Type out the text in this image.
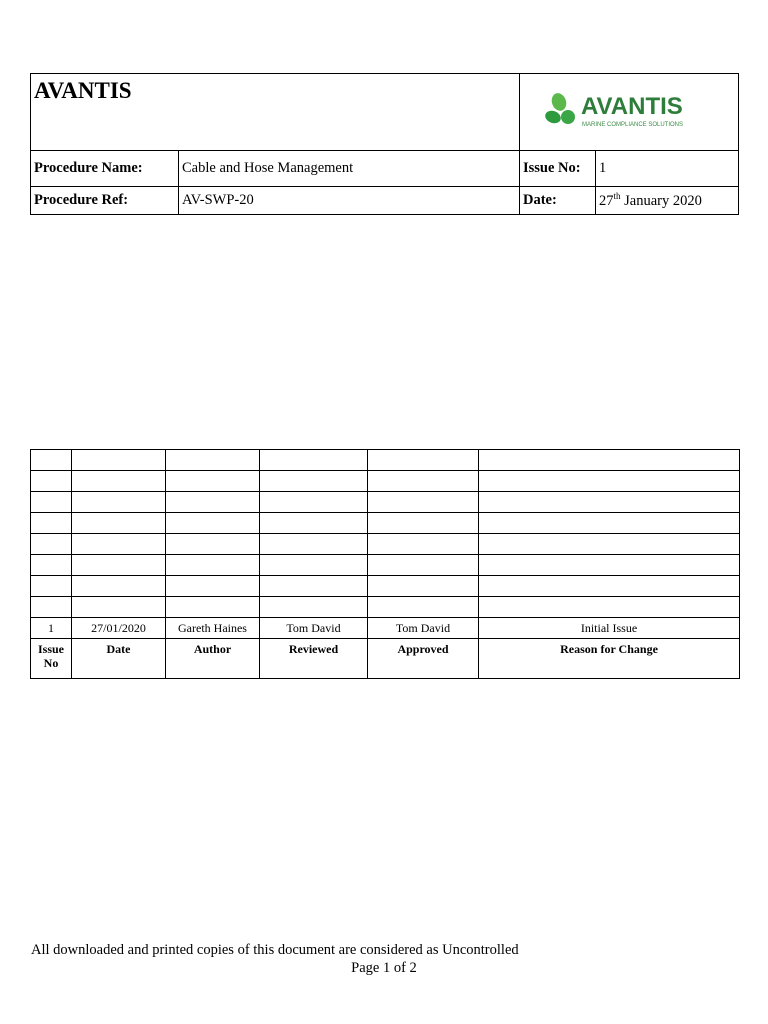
AVANTIS		AVANTIS
MARINE COMPLIANCE SOLUTIONS	

Procedure Name:	Cable and Hose Management	Issue No:	1
Procedure Ref:	AV-SWP-20	Date:	27th January 2020

1	27/01/2020	Gareth Haines	Tom David	Tom David	Initial Issue
Issue No	Date	Author	Reviewed	Approved	Reason for Change
All downloaded and printed copies of this document are considered as Uncontrolled
Page 1 of 2
